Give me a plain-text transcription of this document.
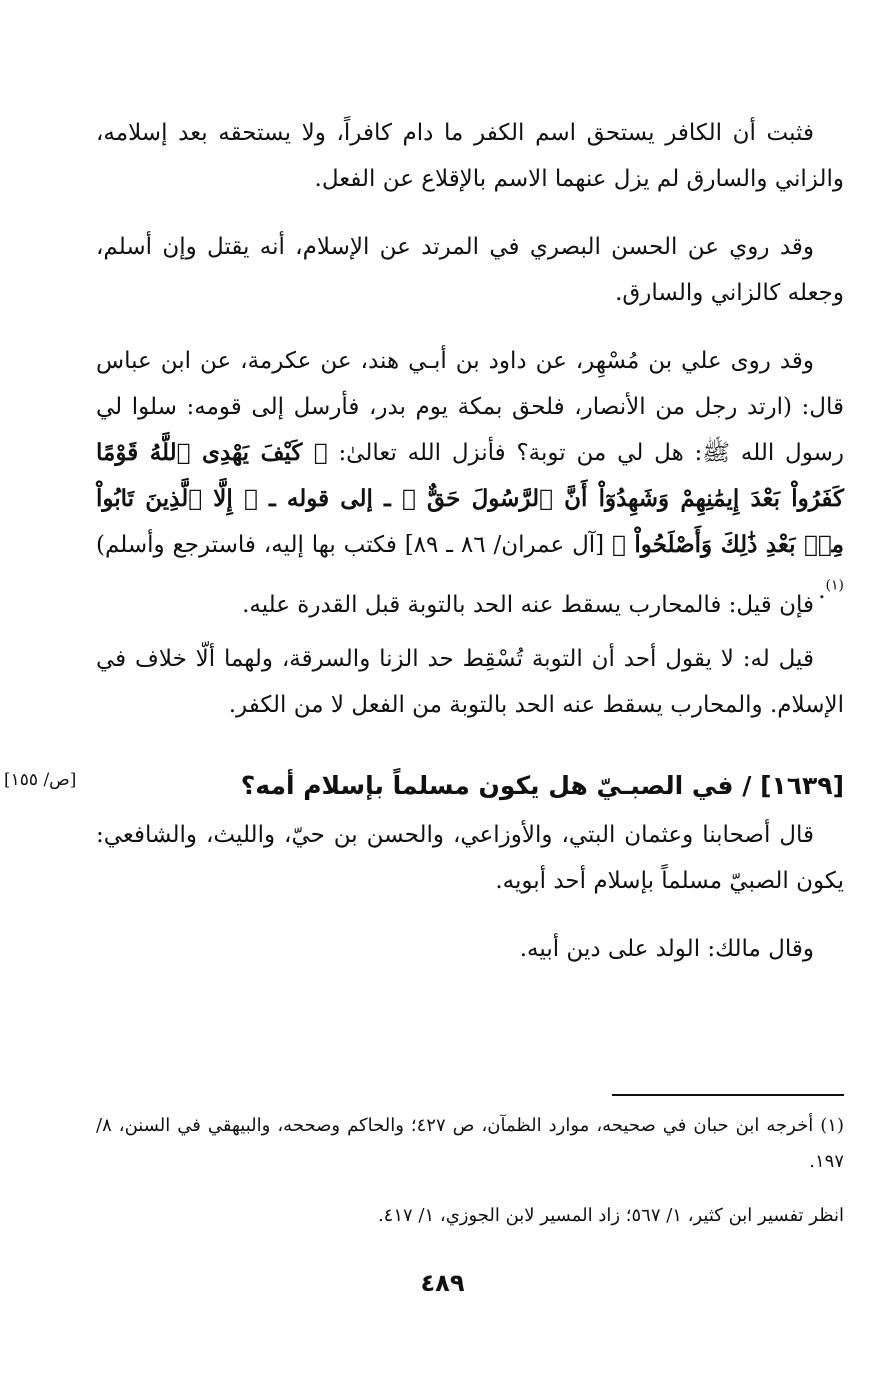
فثبت أن الكافر يستحق اسم الكفر ما دام كافراً، ولا يستحقه بعد إسلامه، والزاني والسارق لم يزل عنهما الاسم بالإقلاع عن الفعل.

وقد روي عن الحسن البصري في المرتد عن الإسلام، أنه يقتل وإن أسلم، وجعله كالزاني والسارق.

وقد روى علي بن مُسْهِر، عن داود بن أبـي هند، عن عكرمة، عن ابن عباس قال: (ارتد رجل من الأنصار، فلحق بمكة يوم بدر، فأرسل إلى قومه: سلوا لي رسول الله ﷺ: هل لي من توبة؟ فأنزل الله تعالىٰ: ﴿ كَيْفَ يَهْدِى ٱللَّهُ قَوْمًا كَفَرُواْ بَعْدَ إِيمَٰنِهِمْ وَشَهِدُوٓاْ أَنَّ ٱلرَّسُولَ حَقٌّ ﴾ ـ إلى قوله ـ ﴿ إِلَّا ٱلَّذِينَ تَابُواْ مِنۢ بَعْدِ ذَٰلِكَ وَأَصْلَحُواْ ﴾ [آل عمران/ ٨٦ ـ ٨٩] فكتب بها إليه، فاسترجع وأسلم)$^{(١)}$.

فإن قيل: فالمحارب يسقط عنه الحد بالتوبة قبل القدرة عليه.

قيل له: لا يقول أحد أن التوبة تُسْقِط حد الزنا والسرقة، ولهما ألّا خلاف في الإسلام. والمحارب يسقط عنه الحد بالتوبة من الفعل لا من الكفر.

[١٦٣٩] / في الصبـيّ هل يكون مسلماً بإسلام أمه؟
[ص/ ١٥٥]

قال أصحابنا وعثمان البتي، والأوزاعي، والحسن بن حيّ، والليث، والشافعي: يكون الصبيّ مسلماً بإسلام أحد أبويه.

وقال مالك: الولد على دين أبيه.

(١) أخرجه ابن حبان في صحيحه، موارد الظمآن، ص ٤٢٧؛ والحاكم وصححه، والبيهقي في السنن، ٨/ ١٩٧.

انظر تفسير ابن كثير، ١/ ٥٦٧؛ زاد المسير لابن الجوزي، ١/ ٤١٧.

٤٨٩
